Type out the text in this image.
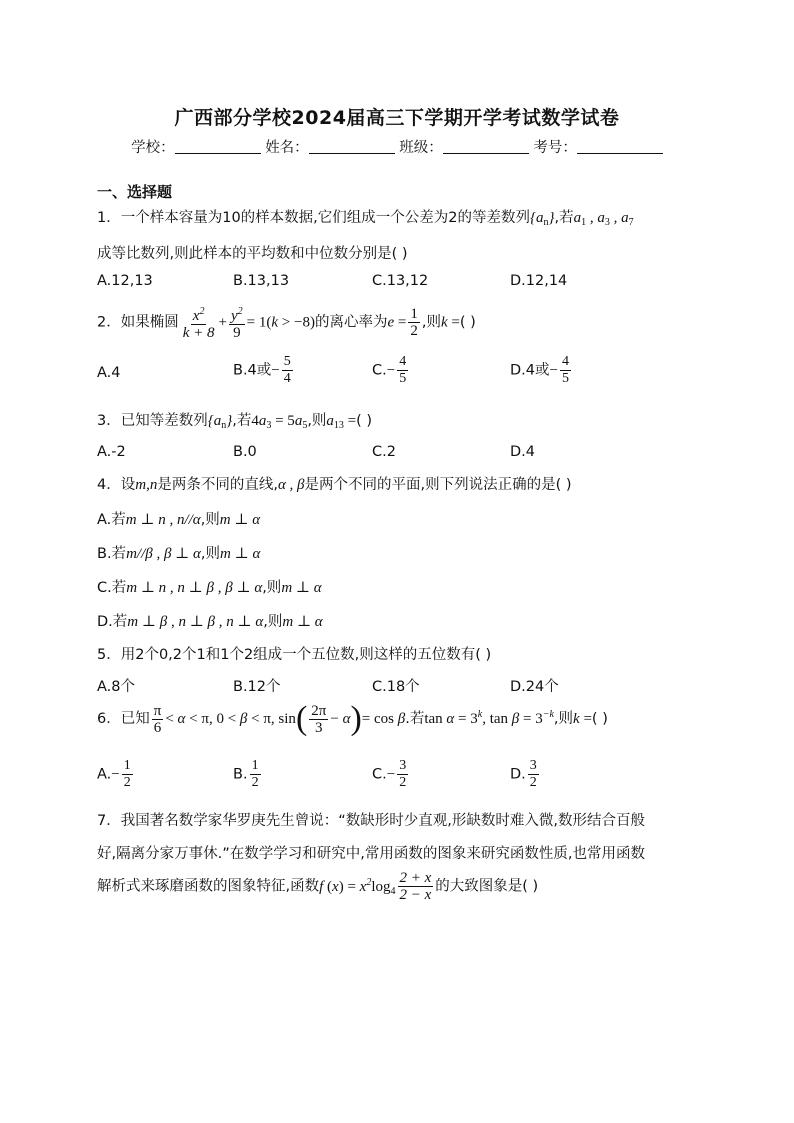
广西部分学校2024届高三下学期开学考试数学试卷
学校：	姓名：	班级：	考号：
一、选择题
1．一个样本容量为10的样本数据,它们组成一个公差为2的等差数列$\{a_n\}$,若$a_1$ , $a_3$ , $a_7$
成等比数列,则此样本的平均数和中位数分别是( )
A.12,13	B.13,13	C.13,12	D.12,14
2．如果椭圆 $\frac{x^2}{k + 8} + \frac{y^2}{9} = 1(k > -8)$的离心率为$e = \frac{1}{2}$ ,则k =( )
A.4	B.4或− $\frac{5}{4}$	$C.- \frac{4}{5}$	D.4或− $\frac{4}{5}$
3．已知等差数列$\{a_n\}$,若$4a_3 = 5a_5$,则$a_{13}$ =( )
A.-2	B.0	C.2	D.4
4．设m,n是两条不同的直线,α , β是两个不同的平面,则下列说法正确的是( )
A.若m ⊥ n , n//α,则m ⊥ α
B.若m//β , β ⊥ α,则m ⊥ α
C.若m ⊥ n , n ⊥ β , β ⊥ α,则m ⊥ α
D.若m ⊥ β , n ⊥ β , n ⊥ α,则m ⊥ α
5．用2个0,2个1和1个2组成一个五位数,则这样的五位数有( )
A.8个	B.12个	C.18个	D.24个
6．已知 $\frac{\pi}{6} < \alpha < \pi$, 0 < β < π, $\sin( \frac{2\pi}{3} - \alpha)= \cos \beta$.若$\tan \alpha = 3^k$, $\tan \beta = 3^{-k}$,则k =( )
$A.- \frac{1}{2}$	B. $\frac{1}{2}$	$C.- \frac{3}{2}$	D. $\frac{3}{2}$
7．我国著名数学家华罗庚先生曾说：“数缺形时少直观,形缺数时难入微,数形结合百般
好,隔离分家万事休.”在数学学习和研究中,常用函数的图象来研究函数性质,也常用函数
解析式来琢磨函数的图象特征,函数f $(x) = x^2\log_4 \frac{2 + x}{2 - x}$ 的大致图象是( )
